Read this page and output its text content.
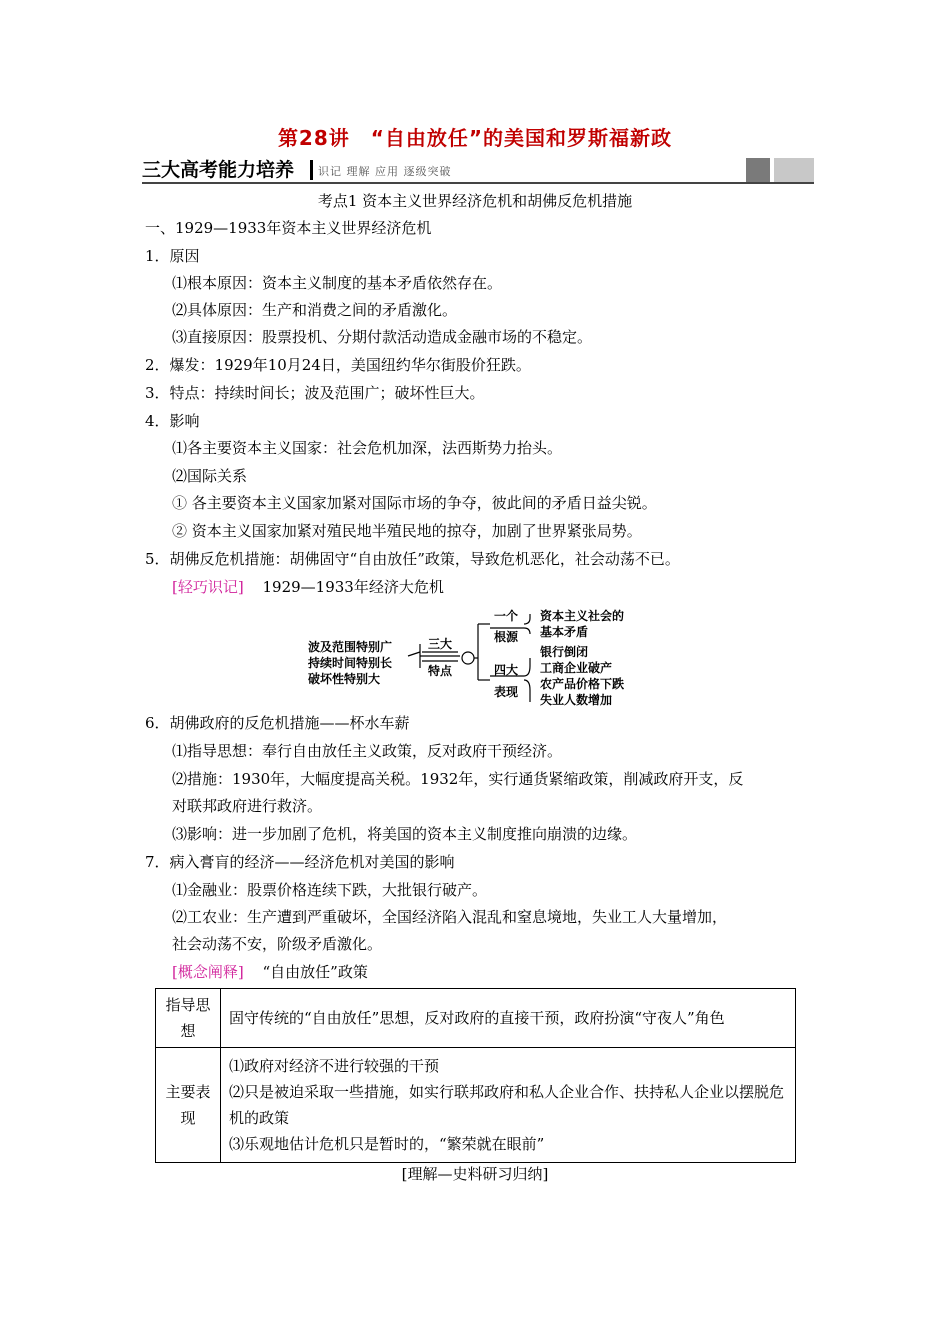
第28讲　“自由放任”的美国和罗斯福新政
三大高考能力培养 识记 理解 应用 逐级突破
考点1 资本主义世界经济危机和胡佛反危机措施
一、1929—1933年资本主义世界经济危机
1．原因
⑴根本原因：资本主义制度的基本矛盾依然存在。
⑵具体原因：生产和消费之间的矛盾激化。
⑶直接原因：股票投机、分期付款活动造成金融市场的不稳定。
2．爆发：1929年10月24日，美国纽约华尔街股价狂跌。
3．特点：持续时间长；波及范围广；破坏性巨大。
4．影响
⑴各主要资本主义国家：社会危机加深，法西斯势力抬头。
⑵国际关系
① 各主要资本主义国家加紧对国际市场的争夺，彼此间的矛盾日益尖锐。
② 资本主义国家加紧对殖民地半殖民地的掠夺，加剧了世界紧张局势。
5．胡佛反危机措施：胡佛固守“自由放任”政策，导致危机恶化，社会动荡不已。
[轻巧识记] 1929—1933年经济大危机
波及范围特别广
持续时间特别长
破坏性特别大
三大
特点
一个
根源
资本主义社会的
基本矛盾
四大
表现
银行倒闭
工商企业破产
农产品价格下跌
失业人数增加
6．胡佛政府的反危机措施——杯水车薪
⑴指导思想：奉行自由放任主义政策，反对政府干预经济。
⑵措施：1930年，大幅度提高关税。1932年，实行通货紧缩政策，削减政府开支，反
对联邦政府进行救济。
⑶影响：进一步加剧了危机，将美国的资本主义制度推向崩溃的边缘。
7．病入膏肓的经济——经济危机对美国的影响
⑴金融业：股票价格连续下跌，大批银行破产。
⑵工农业：生产遭到严重破坏，全国经济陷入混乱和窒息境地，失业工人大量增加，
社会动荡不安，阶级矛盾激化。
[概念阐释] “自由放任”政策
指导思想	固守传统的“自由放任”思想，反对政府的直接干预，政府扮演“守夜人”角色
主要表现	⑴政府对经济不进行较强的干预
⑵只是被迫采取一些措施，如实行联邦政府和私人企业合作、扶持私人企业以摆脱危机的政策
⑶乐观地估计危机只是暂时的，“繁荣就在眼前”
[理解—史料研习归纳]
